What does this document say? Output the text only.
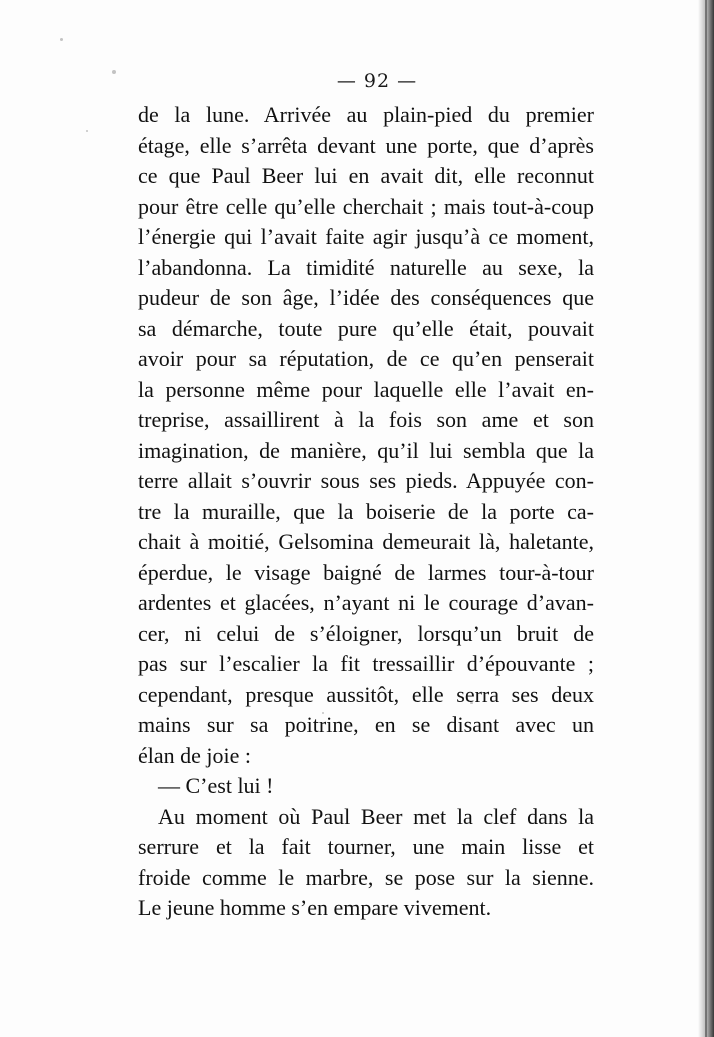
— 92 —
de la lune. Arrivée au plain-pied du premier
étage, elle s’arrêta devant une porte, que d’après
ce que Paul Beer lui en avait dit, elle reconnut
pour être celle qu’elle cherchait ; mais tout-à-coup
l’énergie qui l’avait faite agir jusqu’à ce moment,
l’abandonna. La timidité naturelle au sexe, la
pudeur de son âge, l’idée des conséquences que
sa démarche, toute pure qu’elle était, pouvait
avoir pour sa réputation, de ce qu’en penserait
la personne même pour laquelle elle l’avait en-
treprise, assaillirent à la fois son ame et son
imagination, de manière, qu’il lui sembla que la
terre allait s’ouvrir sous ses pieds. Appuyée con-
tre la muraille, que la boiserie de la porte ca-
chait à moitié, Gelsomina demeurait là, haletante,
éperdue, le visage baigné de larmes tour-à-tour
ardentes et glacées, n’ayant ni le courage d’avan-
cer, ni celui de s’éloigner, lorsqu’un bruit de
pas sur l’escalier la fit tressaillir d’épouvante ;
cependant, presque aussitôt, elle serra ses deux
mains sur sa poitrine, en se disant avec un
élan de joie :
— C’est lui !
Au moment où Paul Beer met la clef dans la
serrure et la fait tourner, une main lisse et
froide comme le marbre, se pose sur la sienne.
Le jeune homme s’en empare vivement.
